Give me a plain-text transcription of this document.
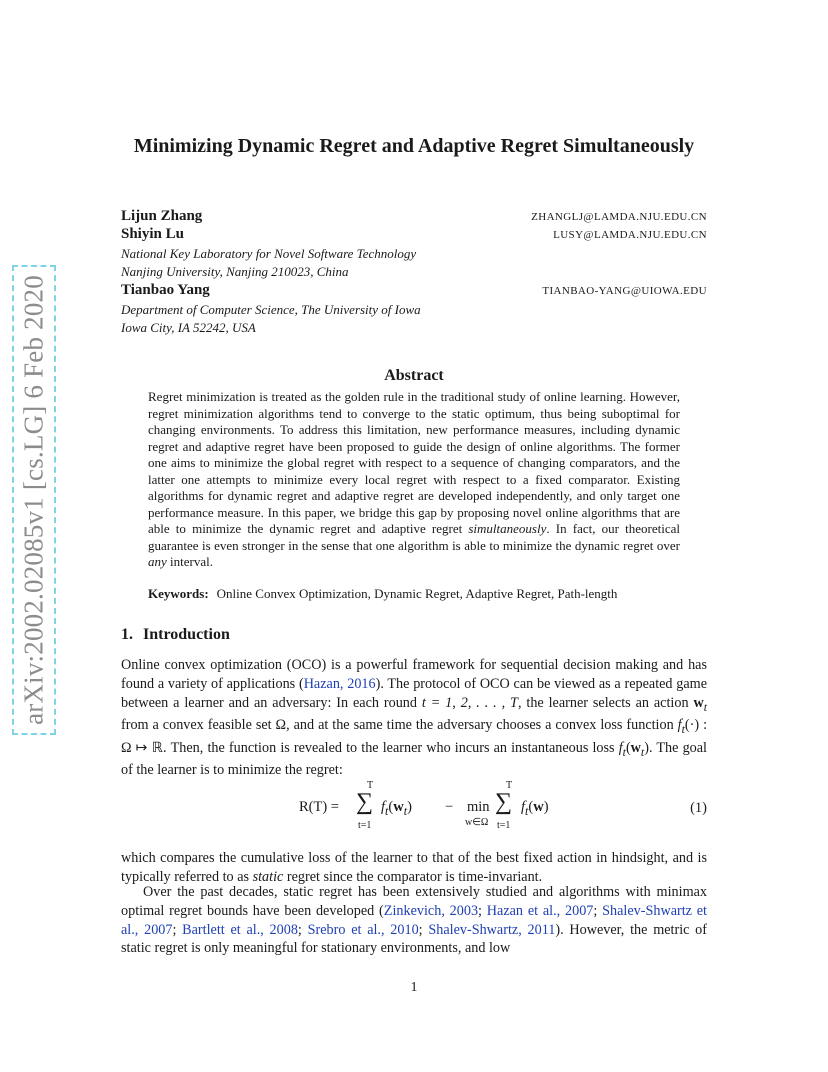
arXiv:2002.02085v1 [cs.LG] 6 Feb 2020
Minimizing Dynamic Regret and Adaptive Regret Simultaneously
Lijun Zhang	ZHANGLJ@LAMDA.NJU.EDU.CN
Shiyin Lu	LUSY@LAMDA.NJU.EDU.CN
National Key Laboratory for Novel Software Technology
Nanjing University, Nanjing 210023, China
Tianbao Yang	TIANBAO-YANG@UIOWA.EDU
Department of Computer Science, The University of Iowa
Iowa City, IA 52242, USA
Abstract

Regret minimization is treated as the golden rule in the traditional study of online learning. However, regret minimization algorithms tend to converge to the static optimum, thus being suboptimal for changing environments. To address this limitation, new performance measures, including dynamic regret and adaptive regret have been proposed to guide the design of online algorithms. The former one aims to minimize the global regret with respect to a sequence of changing comparators, and the latter one attempts to minimize every local regret with respect to a fixed comparator. Existing algorithms for dynamic regret and adaptive regret are developed independently, and only target one performance measure. In this paper, we bridge this gap by proposing novel online algorithms that are able to minimize the dynamic regret and adaptive regret simultaneously. In fact, our theoretical guarantee is even stronger in the sense that one algorithm is able to minimize the dynamic regret over any interval.

Keywords: Online Convex Optimization, Dynamic Regret, Adaptive Regret, Path-length
1. Introduction

Online convex optimization (OCO) is a powerful framework for sequential decision making and has found a variety of applications (Hazan, 2016). The protocol of OCO can be viewed as a repeated game between a learner and an adversary: In each round t = 1, 2, . . . , T, the learner selects an action $w_t$ from a convex feasible set Ω, and at the same time the adversary chooses a convex loss function $f_t(\cdot)$ : Ω ↦ ℝ. Then, the function is revealed to the learner who incurs an instantaneous loss $f_t(w_t)$. The goal of the learner is to minimize the regret:

R(T) =
T
∑
t=1
$f_t(w_t) - \min$
w∈Ω
T
∑
t=1
$f_t(w)$	(1)

which compares the cumulative loss of the learner to that of the best fixed action in hindsight, and is typically referred to as static regret since the comparator is time-invariant.

Over the past decades, static regret has been extensively studied and algorithms with minimax optimal regret bounds have been developed (Zinkevich, 2003; Hazan et al., 2007; Shalev-Shwartz et al., 2007; Bartlett et al., 2008; Srebro et al., 2010; Shalev-Shwartz, 2011). However, the metric of static regret is only meaningful for stationary environments, and low

1
